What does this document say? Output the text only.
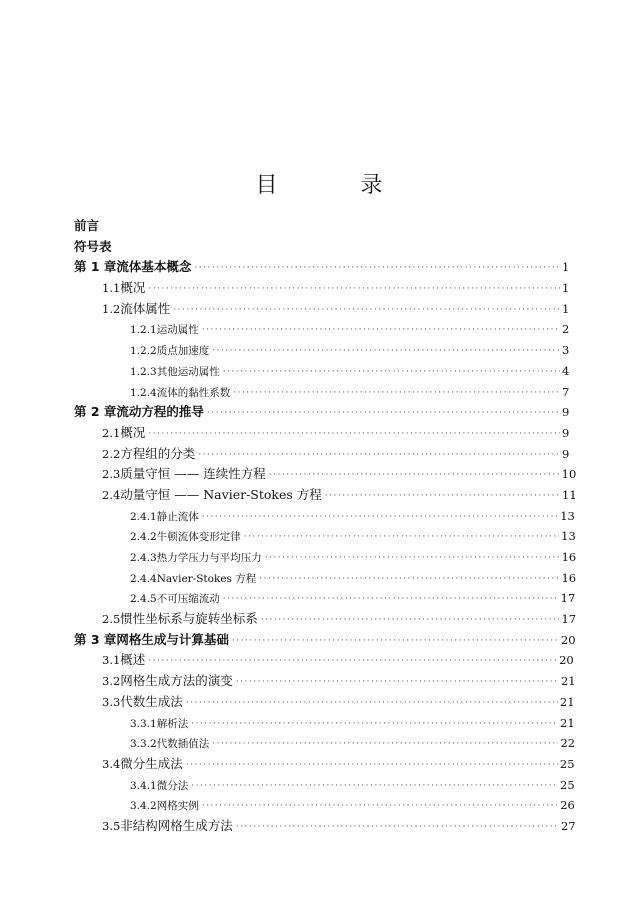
目 录
前言
符号表
第 1 章 流体基本概念 ·····	1
1.1 概况 ·····	1
1.2 流体属性 ·····	1
1.2.1 运动属性 ·····	2
1.2.2 质点加速度 ·····	3
1.2.3 其他运动属性 ·····	4
1.2.4 流体的黏性系数 ·····	7
第 2 章 流动方程的推导 ·····	9
2.1 概况 ·····	9
2.2 方程组的分类 ·····	9
2.3 质量守恒 —— 连续性方程 ·····	10
2.4 动量守恒 —— Navier-Stokes 方程 ·····	11
2.4.1 静止流体 ·····	13
2.4.2 牛顿流体变形定律 ·····	13
2.4.3 热力学压力与平均压力 ·····	16
2.4.4 Navier-Stokes 方程 ·····	16
2.4.5 不可压缩流动 ·····	17
2.5 惯性坐标系与旋转坐标系 ·····	17
第 3 章 网格生成与计算基础 ·····	20
3.1 概述 ·····	20
3.2 网格生成方法的演变 ·····	21
3.3 代数生成法 ·····	21
3.3.1 解析法 ·····	21
3.3.2 代数插值法 ·····	22
3.4 微分生成法 ·····	25
3.4.1 微分法 ·····	25
3.4.2 网格实例 ·····	26
3.5 非结构网格生成方法 ·····	27
